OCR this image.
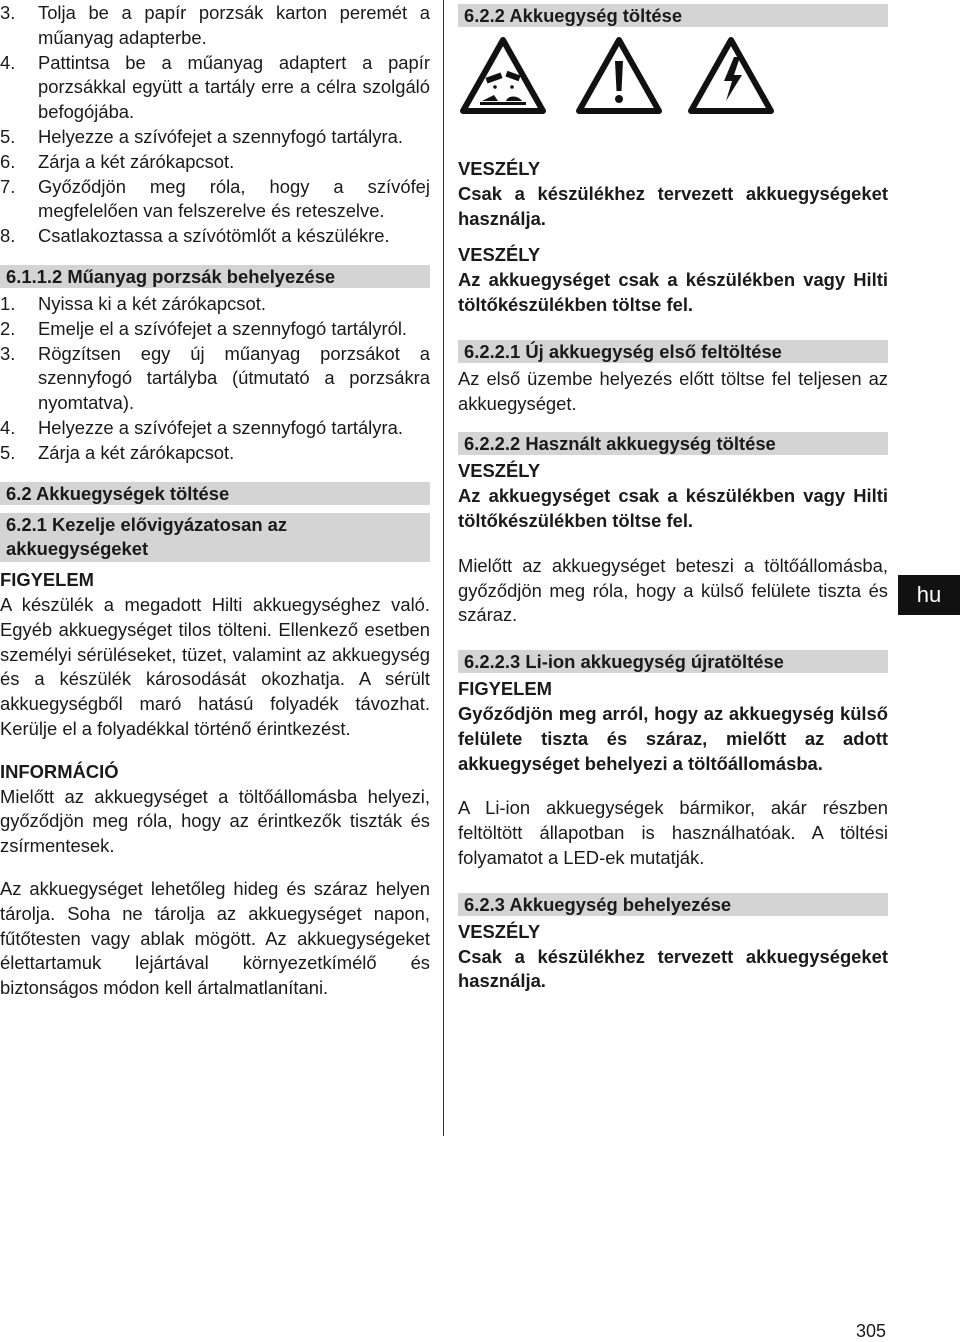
3. Tolja be a papír porzsák karton peremét a műanyag adapterbe.
4. Pattintsa be a műanyag adaptert a papír porzsákkal együtt a tartály erre a célra szolgáló befogójába.
5. Helyezze a szívófejet a szennyfogó tartályra.
6. Zárja a két zárókapcsot.
7. Győződjön meg róla, hogy a szívófej megfelelően van felszerelve és reteszelve.
8. Csatlakoztassa a szívótömlőt a készülékre.
6.1.1.2 Műanyag porzsák behelyezése
1. Nyissa ki a két zárókapcsot.
2. Emelje el a szívófejet a szennyfogó tartályról.
3. Rögzítsen egy új műanyag porzsákot a szennyfogó tartályba (útmutató a porzsákra nyomtatva).
4. Helyezze a szívófejet a szennyfogó tartályra.
5. Zárja a két zárókapcsot.
6.2 Akkuegységek töltése
6.2.1 Kezelje elővigyázatosan az akkuegységeket
FIGYELEM

A készülék a megadott Hilti akkuegységhez való. Egyéb akkuegységet tilos tölteni. Ellenkező esetben személyi sérüléseket, tüzet, valamint az akkuegység és a készülék károsodását okozhatja. A sérült akkuegységből maró hatású folyadék távozhat. Kerülje el a folyadékkal történő érintkezést.

INFORMÁCIÓ

Mielőtt az akkuegységet a töltőállomásba helyezi, győződjön meg róla, hogy az érintkezők tiszták és zsírmentesek.

Az akkuegységet lehetőleg hideg és száraz helyen tárolja. Soha ne tárolja az akkuegységet napon, fűtőtesten vagy ablak mögött. Az akkuegységeket élettartamuk lejártával környezetkímélő és biztonságos módon kell ártalmatlanítani.

6.2.2 Akkuegység töltése
VESZÉLY

Csak a készülékhez tervezett akkuegységeket használja.

VESZÉLY

Az akkuegységet csak a készülékben vagy Hilti töltőkészülékben töltse fel.

6.2.2.1 Új akkuegység első feltöltése

Az első üzembe helyezés előtt töltse fel teljesen az akkuegységet.

6.2.2.2 Használt akkuegység töltése
VESZÉLY

Az akkuegységet csak a készülékben vagy Hilti töltőkészülékben töltse fel.

Mielőtt az akkuegységet beteszi a töltőállomásba, győződjön meg róla, hogy a külső felülete tiszta és száraz.

6.2.2.3 Li-ion akkuegység újratöltése
FIGYELEM

Győződjön meg arról, hogy az akkuegység külső felülete tiszta és száraz, mielőtt az adott akkuegységet behelyezi a töltőállomásba.

A Li-ion akkuegységek bármikor, akár részben feltöltött állapotban is használhatóak. A töltési folyamatot a LED-ek mutatják.

6.2.3 Akkuegység behelyezése
VESZÉLY

Csak a készülékhez tervezett akkuegységeket használja.

hu
305
